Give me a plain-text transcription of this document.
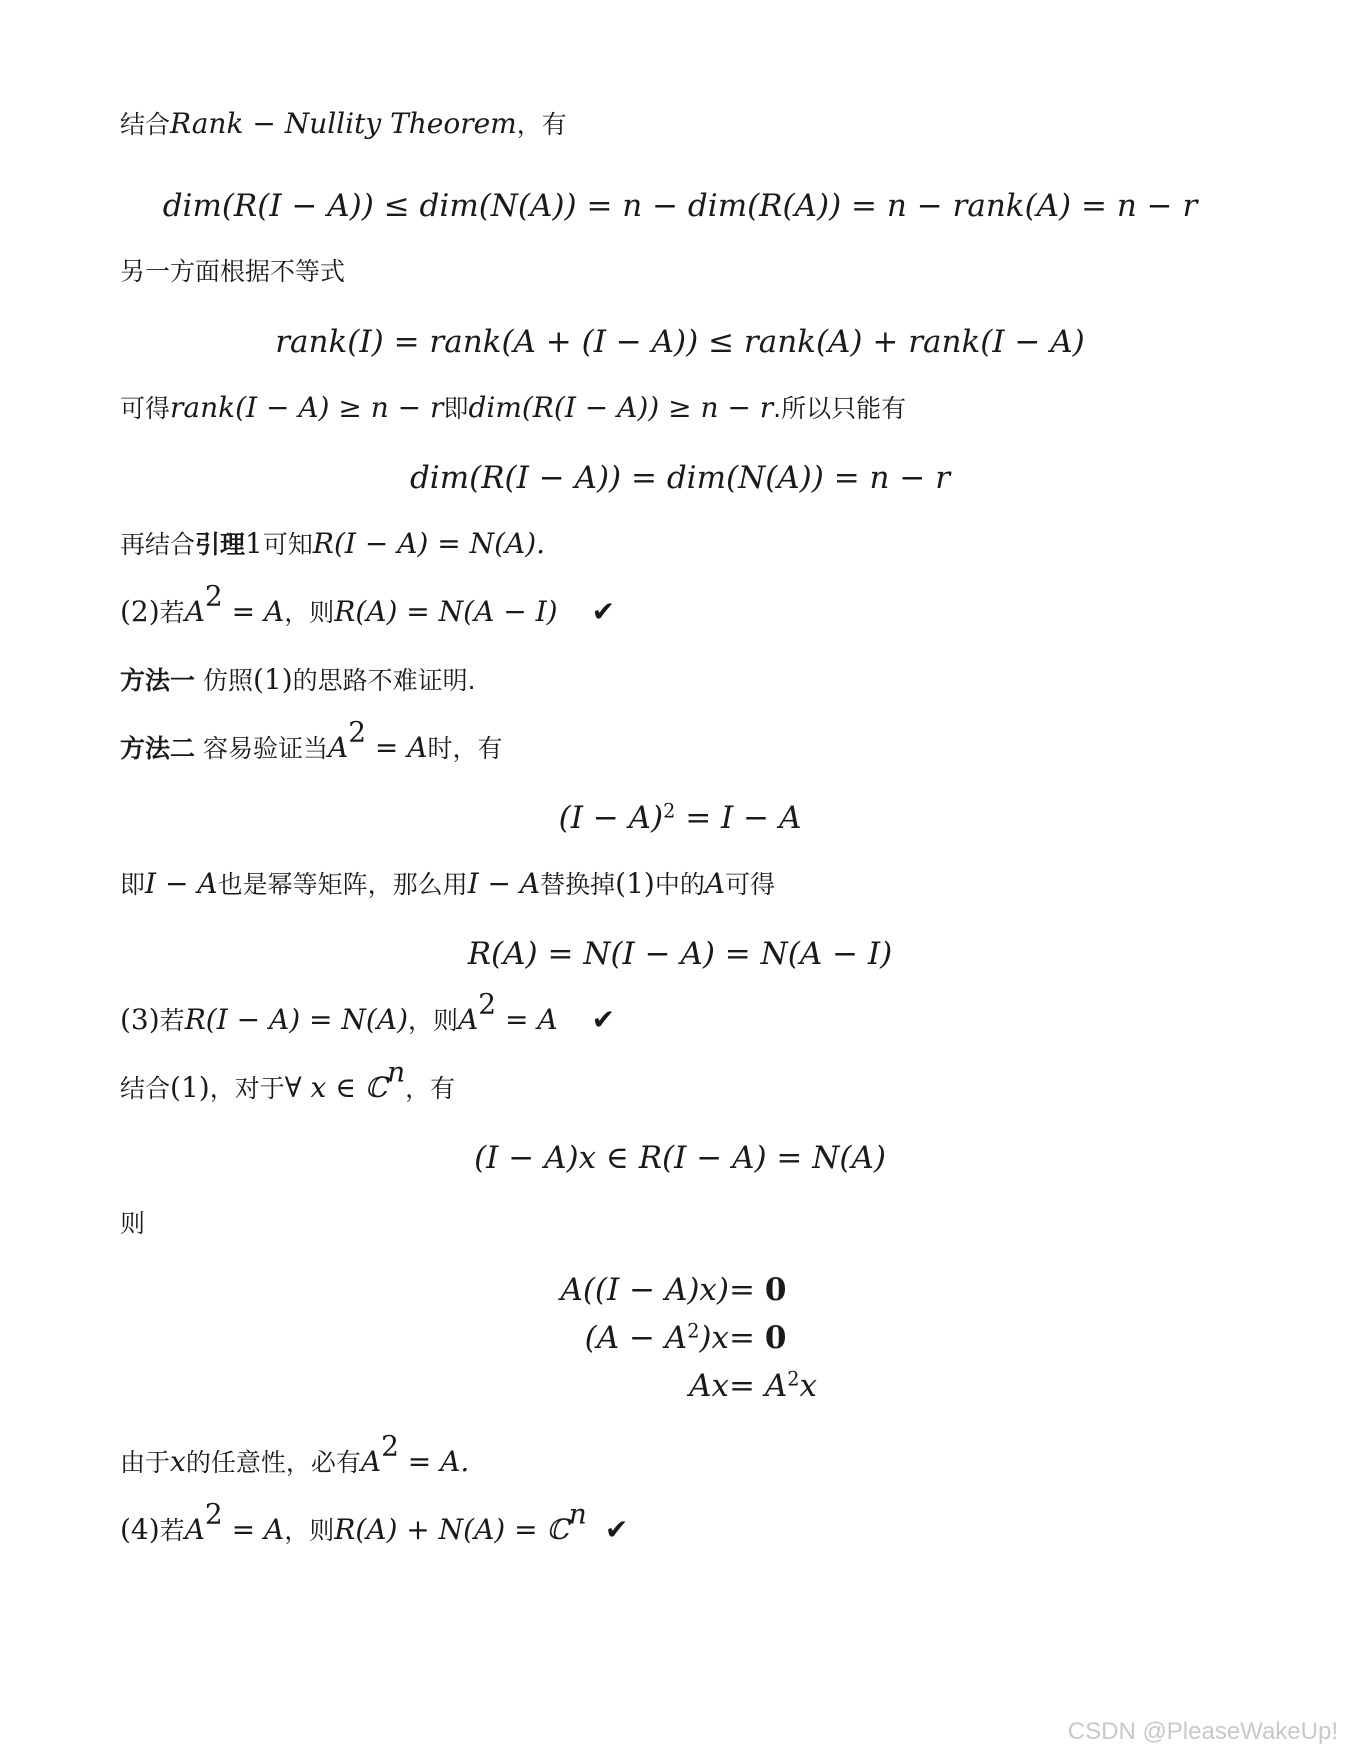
结合Rank − Nullity Theorem，有
dim(R(I − A)) ≤ dim(N(A)) = n − dim(R(A)) = n − rank(A) = n − r
另一方面根据不等式
rank(I) = rank(A + (I − A)) ≤ rank(A) + rank(I − A)
可得rank(I − A) ≥ n − r即dim(R(I − A)) ≥ n − r.所以只能有
dim(R(I − A)) = dim(N(A)) = n − r
再结合引理1可知R(I − A) = N(A).
(2)若$A^2 = A$，则R(A) = N(A − I) ✔
方法一 仿照(1)的思路不难证明.
方法二 容易验证当$A^2 = A$时，有
$(I - A)^2 = I - A$
即I − A也是幂等矩阵，那么用I − A替换掉(1)中的A可得
R(A) = N(I − A) = N(A − I)
(3)若R(I − A) = N(A)，则$A^2 = A$ ✔
结合(1)，对于∀ x ∈ ℂ$^n$，有
(I − A)x ∈ R(I − A) = N(A)
则
A((I − A)x) = 0
$(A - A^2)x = 0$
$Ax = A^2x$
由于x的任意性，必有$A^2 = A$.
(4)若$A^2 = A$，则R(A) + N(A) = ℂ$^n$ ✔
CSDN @PleaseWakeUp!
